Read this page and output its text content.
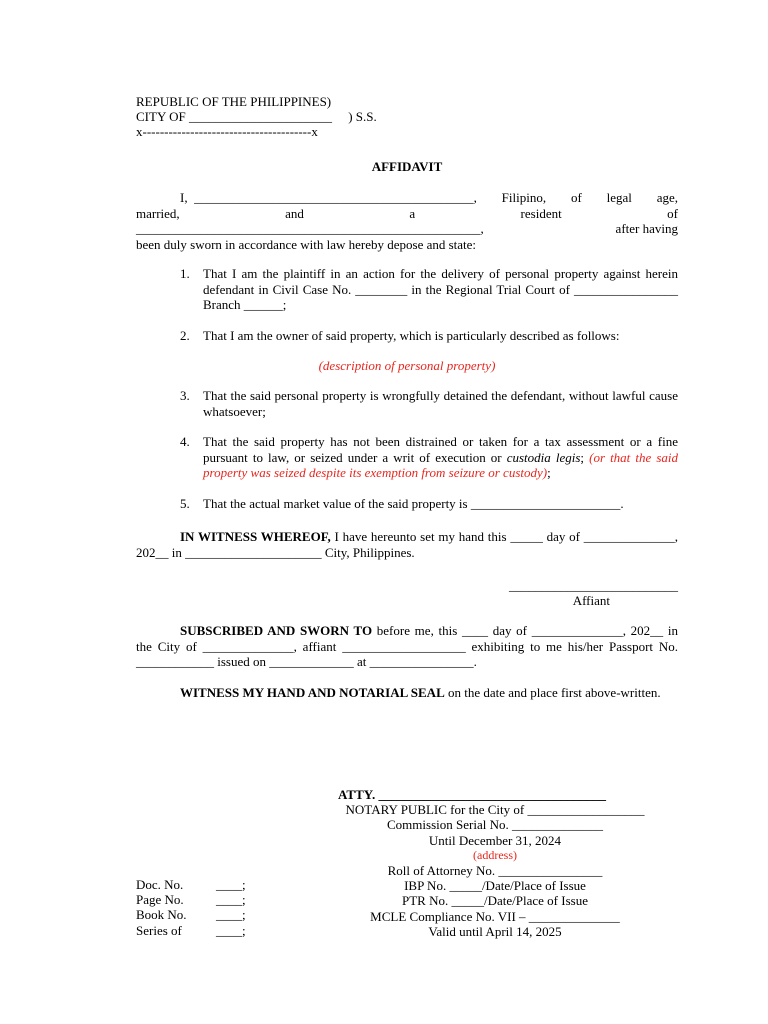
REPUBLIC OF THE PHILIPPINES)
CITY OF ______________________     ) S.S.
x---------------------------------------x
AFFIDAVIT
I,  ___________________________________________, Filipino, of legal age,
married,	and	a	resident	of
_____________________________________________________,	after having
been duly sworn in accordance with law hereby depose and state:
1. That I am the plaintiff in an action for the delivery of personal property against herein defendant in Civil Case No. ________ in the Regional Trial Court of ________________ Branch ______;
2. That I am the owner of said property, which is particularly described as follows:
(description of personal property)
3. That the said personal property is wrongfully detained the defendant, without lawful cause whatsoever;
4. That the said property has not been distrained or taken for a tax assessment or a fine pursuant to law, or seized under a writ of execution or custodia legis; (or that the said property was seized despite its exemption from seizure or custody);
5. That the actual market value of the said property is _______________________.
IN WITNESS WHEREOF, I have hereunto set my hand this _____ day of ______________, 202__ in _____________________ City, Philippines.
__________________________
Affiant
SUBSCRIBED AND SWORN TO before me, this ____ day of ______________, 202__ in the City of ______________, affiant ___________________ exhibiting to me his/her Passport No. ____________ issued on _____________ at ________________.
WITNESS MY HAND AND NOTARIAL SEAL on the date and place first above-written.
ATTY. ___________________________________
NOTARY PUBLIC for the City of __________________
Commission Serial No. ______________
Until December 31, 2024
(address)
Roll of Attorney No. ________________
IBP No. _____/Date/Place of Issue
PTR No. _____/Date/Place of Issue
MCLE Compliance No. VII – ______________
Valid until April 14, 2025
Doc. No.	____;
Page No.	____;
Book No.	____;
Series of	____;
